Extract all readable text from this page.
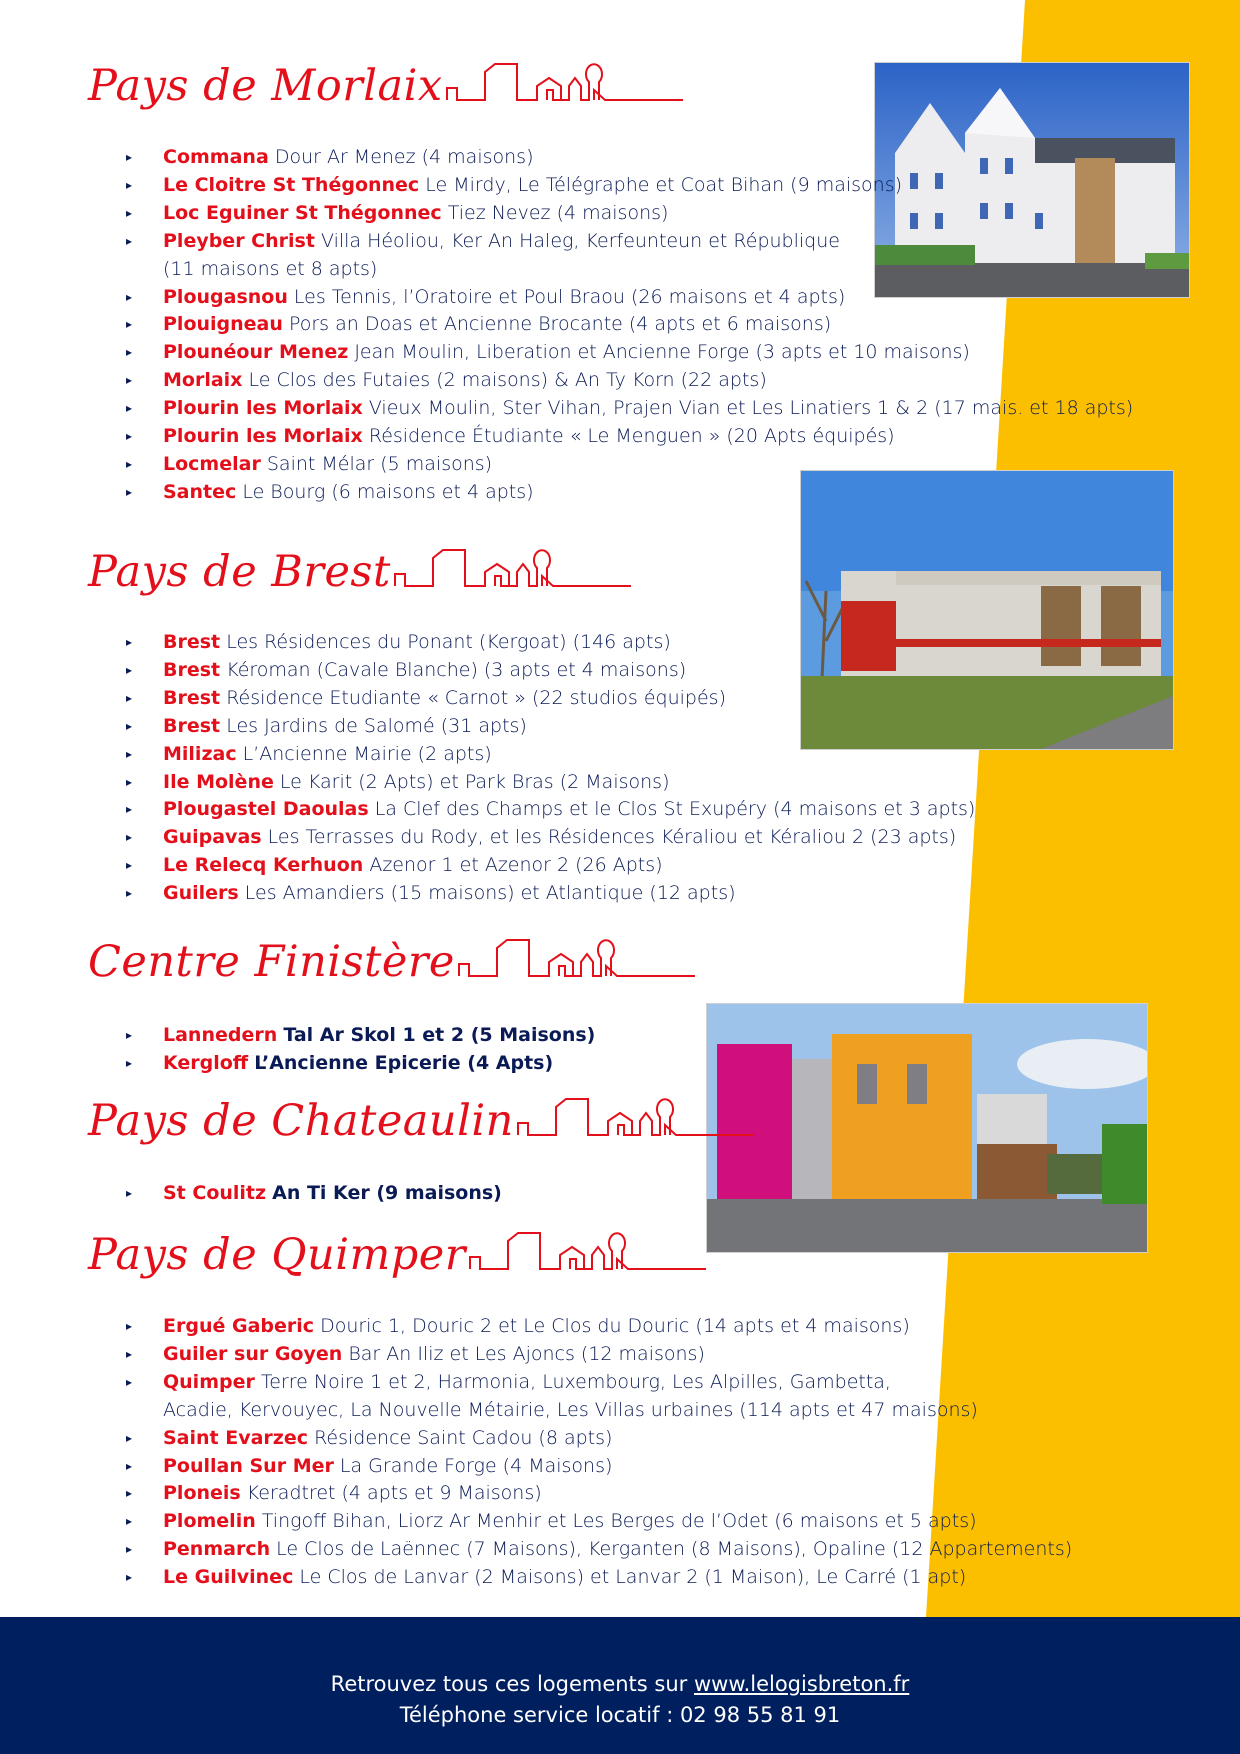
Pays de Morlaix
▸ Commana Dour Ar Menez (4 maisons)
▸ Le Cloitre St Thégonnec Le Mirdy, Le Télégraphe et Coat Bihan (9 maisons)
▸ Loc Eguiner St Thégonnec Tiez Nevez (4 maisons)
▸ Pleyber Christ Villa Héoliou, Ker An Haleg, Kerfeunteun et République
(11 maisons et 8 apts)
▸ Plougasnou Les Tennis, l’Oratoire et Poul Braou (26 maisons et 4 apts)
▸ Plouigneau Pors an Doas et Ancienne Brocante (4 apts et 6 maisons)
▸ Plounéour Menez Jean Moulin, Liberation et Ancienne Forge (3 apts et 10 maisons)
▸ Morlaix Le Clos des Futaies (2 maisons) & An Ty Korn (22 apts)
▸ Plourin les Morlaix Vieux Moulin, Ster Vihan, Prajen Vian et Les Linatiers 1 & 2 (17 mais. et 18 apts)
▸ Plourin les Morlaix Résidence Étudiante « Le Menguen » (20 Apts équipés)
▸ Locmelar Saint Mélar (5 maisons)
▸ Santec Le Bourg (6 maisons et 4 apts)
Pays de Brest
▸ Brest Les Résidences du Ponant (Kergoat) (146 apts)
▸ Brest Kéroman (Cavale Blanche) (3 apts et 4 maisons)
▸ Brest Résidence Etudiante « Carnot » (22 studios équipés)
▸ Brest Les Jardins de Salomé (31 apts)
▸ Milizac L’Ancienne Mairie (2 apts)
▸ Ile Molène Le Karit (2 Apts) et Park Bras (2 Maisons)
▸ Plougastel Daoulas La Clef des Champs et le Clos St Exupéry (4 maisons et 3 apts)
▸ Guipavas Les Terrasses du Rody, et les Résidences Kéraliou et Kéraliou 2 (23 apts)
▸ Le Relecq Kerhuon Azenor 1 et Azenor 2 (26 Apts)
▸ Guilers Les Amandiers (15 maisons) et Atlantique (12 apts)
Centre Finistère
▸ Lannedern Tal Ar Skol 1 et 2 (5 Maisons)
▸ Kergloff L’Ancienne Epicerie (4 Apts)
Pays de Chateaulin
▸ St Coulitz An Ti Ker (9 maisons)
Pays de Quimper
▸ Ergué Gaberic Douric 1, Douric 2 et Le Clos du Douric (14 apts et 4 maisons)
▸ Guiler sur Goyen Bar An Iliz et Les Ajoncs (12 maisons)
▸ Quimper Terre Noire 1 et 2, Harmonia, Luxembourg, Les Alpilles, Gambetta,
Acadie, Kervouyec, La Nouvelle Métairie, Les Villas urbaines (114 apts et 47 maisons)
▸ Saint Evarzec Résidence Saint Cadou (8 apts)
▸ Poullan Sur Mer La Grande Forge (4 Maisons)
▸ Ploneis Keradtret (4 apts et 9 Maisons)
▸ Plomelin Tingoff Bihan, Liorz Ar Menhir et Les Berges de l’Odet (6 maisons et 5 apts)
▸ Penmarch Le Clos de Laënnec (7 Maisons), Kerganten (8 Maisons), Opaline (12 Appartements)
▸ Le Guilvinec Le Clos de Lanvar (2 Maisons) et Lanvar 2 (1 Maison), Le Carré (1 apt)
Retrouvez tous ces logements sur www.lelogisbreton.fr
Téléphone service locatif : 02 98 55 81 91
